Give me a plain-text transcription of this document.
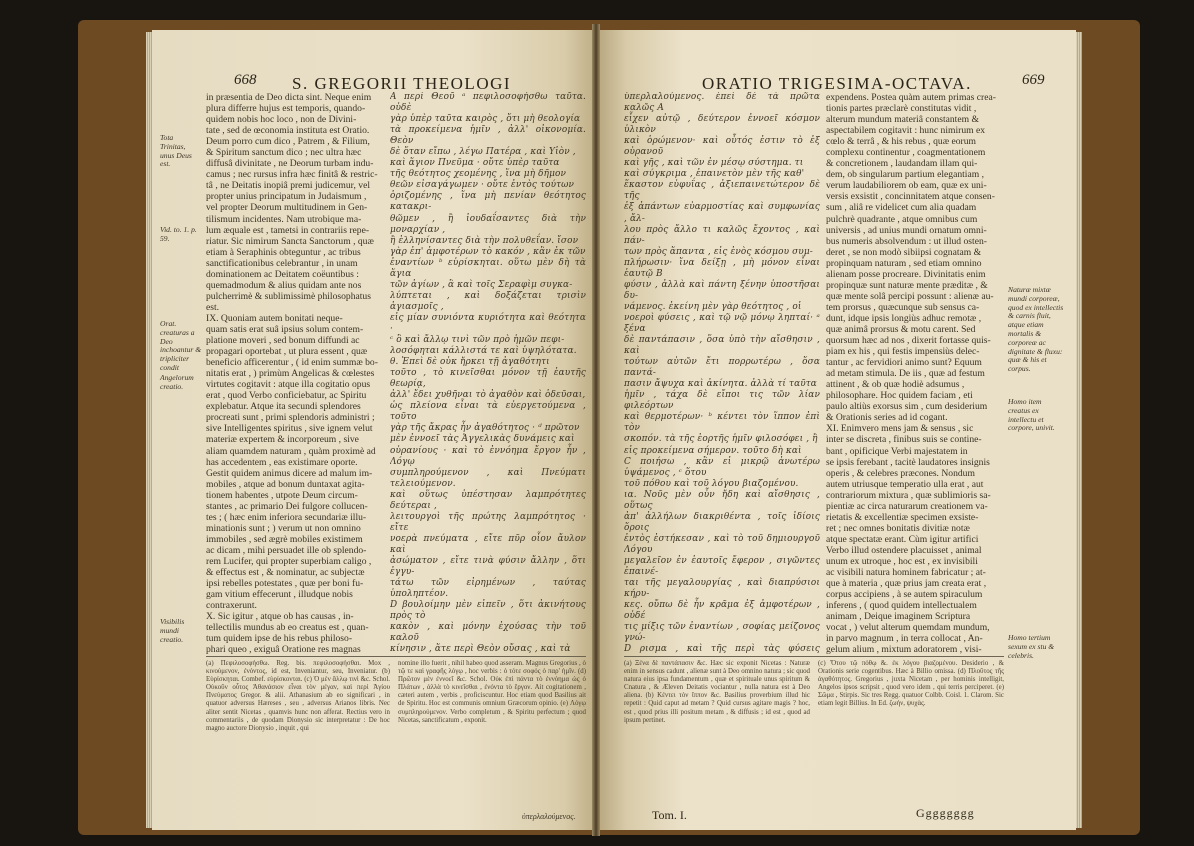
668 S. GREGORII THEOLOGI
Tota Trinitas, unus Deus est.
Vid. to. 1. p. 59.
Orat. creaturas a Deo inchoantur & tripliciter condit
Angelorum creatio.
Visibilis mundi creatio.
in præsentia de Deo dicta sint. Neque enim
plura differre hujus est temporis, quando-
quidem nobis hoc loco , non de Divini-
tate , sed de œconomia instituta est Oratio.
Deum porro cum dico , Patrem , & Filium,
& Spiritum sanctum dico ; nec ultra hæc
diffusâ divinitate , ne Deorum turbam indu-
camus ; nec rursus infra hæc finitâ & restric-
tâ , ne Deitatis inopiâ premi judicemur, vel
propter unius principatum in Judaismum ,
vel propter Deorum multitudinem in Gen-
tilismum incidentes. Nam utrobique ma-
lum æquale est , tametsi in contrariis repe-
riatur. Sic nimirum Sancta Sanctorum , quæ
etiam à Seraphinis obteguntur , ac tribus
sanctificationibus celebrantur , in unam
dominationem ac Deitatem coëuntibus :
quemadmodum & alius quidam ante nos
pulcherrimè & sublimissimè philosophatus
est.
IX. Quoniam autem bonitati neque-
quam satis erat suâ ipsius solum contem-
platione moveri , sed bonum diffundi ac
propagari oportebat , ut plura essent , quæ
beneficio afficerentur , ( id enim summæ bo-
nitatis erat , ) primùm Angelicas & cœlestes
virtutes cogitavit : atque illa cogitatio opus
erat , quod Verbo conficiebatur, ac Spiritu
explebatur. Atque ita secundi splendores
procreati sunt , primi splendoris administri ;
sive Intelligentes spiritus , sive ignem velut
materiæ expertem & incorporeum , sive
aliam quamdem naturam , quàm proximè ad
has accedentem , eas existimare oporte.
Gestit quidem animus dicere ad malum im-
mobiles , atque ad bonum duntaxat agita-
tionem habentes , utpote Deum circum-
stantes , ac primario Dei fulgore collucen-
tes ; ( hæc enim inferiora secundariæ illu-
minationis sunt ; ) verum ut non omnino
immobiles , sed ægrè mobiles existimem
ac dicam , mihi persuadet ille ob splendo-
rem Lucifer, qui propter superbiam caligo ,
& effectus est , & nominatur, ac subjectæ
ipsi rebelles potestates , quæ per boni fu-
gam vitium effecerunt , illudque nobis
contraxerunt.
X. Sic igitur , atque ob has causas , in-
tellectilis mundus ab eo creatus est , quan-
tum quidem ipse de his rebus philoso-
phari queo , exiguâ Oratione res magnas
A περὶ Θεοῦ ᵃ πεφιλοσοφήσθω ταῦτα. οὐδὲ
γὰρ ὑπὲρ ταῦτα καιρὸς , ὅτι μὴ θεολογία
τὰ προκείμενα ἡμῖν , ἀλλ' οἰκονομία. Θεὸν
δὲ ὅταν εἴπω , λέγω Πατέρα , καὶ Υἱὸν ,
καὶ ἅγιον Πνεῦμα · οὔτε ὑπὲρ ταῦτα
τῆς θεότητος χεομένης , ἵνα μὴ δῆμον
θεῶν εἰσαγάγωμεν · οὔτε ἐντὸς τούτων
ὁριζομένης , ἵνα μὴ πενίαν θεότητος κατακρι-
θῶμεν , ἢ ἰουδαΐσαντες διὰ τὴν μοναρχίαν ,
ἢ ἑλληνίσαντες διὰ τὴν πολυθεΐαν. ἴσον
γὰρ ἐπ' ἀμφοτέρων τὸ κακόν , κἂν ἐκ τῶν
ἐναντίων ᵇ εὑρίσκηται. οὕτω μὲν δὴ τὰ ἅγια
τῶν ἁγίων , ἃ καὶ τοῖς Σεραφὶμ συγκα-
λύπτεται , καὶ δοξάζεται τρισὶν ἁγιασμοῖς ,
εἰς μίαν συνιόντα κυριότητα καὶ θεότητα ·
ᶜ ὃ καὶ ἄλλῳ τινὶ τῶν πρὸ ἡμῶν πεφι-
λοσόφηται κάλλιστά τε καὶ ὑψηλότατα.
θ. Ἐπεὶ δὲ οὐκ ἤρκει τῇ ἀγαθότητι
τοῦτο , τὸ κινεῖσθαι μόνον τῇ ἑαυτῆς θεωρίᾳ,
ἀλλ' ἔδει χυθῆναι τὸ ἀγαθὸν καὶ ὁδεῦσαι,
ὡς πλείονα εἶναι τὰ εὐεργετούμενα , τοῦτο
γὰρ τῆς ἄκρας ἦν ἀγαθότητος · ᵈ πρῶτον
μὲν ἐννοεῖ τὰς Ἀγγελικὰς δυνάμεις καὶ
οὐρανίους · καὶ τὸ ἐννόημα ἔργον ἦν , Λόγῳ
συμπληρούμενον , καὶ Πνεύματι τελειούμενον.
καὶ οὕτως ὑπέστησαν λαμπρότητες δεύτεραι ,
λειτουργοὶ τῆς πρώτης λαμπρότητος · εἴτε
νοερὰ πνεύματα , εἴτε πῦρ οἷον ἄυλον καὶ
ἀσώματον , εἴτε τινὰ φύσιν ἄλλην , ὅτι ἐγγυ-
τάτω τῶν εἰρημένων , ταύτας ὑποληπτέον.
D βουλοίμην μὲν εἰπεῖν , ὅτι ἀκινήτους πρὸς τὸ
κακὸν , καὶ μόνην ἐχούσας τὴν τοῦ καλοῦ
κίνησιν , ἅτε περὶ Θεὸν οὔσας , καὶ τὰ
(a) Πεφιλοσοφήσθω. Reg. bis. πεφιλοσοφήσθαι. Mox , κινούμενον, ἐνόντος, id est, Inveniantur, seu, Inveniatur. (b) Εὑρίσκηται. Combef. εὑρίσκονται. (c) Ὁ μὲν ἄλλῳ τινὶ &c. Schol. Οὐκοῦν οὗτος Ἀθανάσιον εἶναι τὸν μέγαν, καὶ περὶ Ἁγίου Πνεύματος Gregor. & alii. Athanasium ab eo significari , in quatuor adversus Hæreses , seu , adversus Arianos libris. Nec aliter sentit Nicetas , quamvis hunc non afferat. Rectius vero in commentariis , de quodam Dionysio sic interpretatur : De hoc magno auctore Dionysio , inquit , qui
nomine illo fuerit , nihil habeo quod asseram. Magnus Gregorius , ὁ τῷ τε καὶ γραφῆς λόγῳ , hoc verbis : ὁ τότε σοφός ὁ παρ' ἡμῖν. (d) Πρῶτον μὲν ἐννοεῖ &c. Schol. Οὐκ ἐπὶ πάντα τὸ ἐννόημα ὡς ὁ Πλάτων , ἀλλὰ τὸ κινεῖσθαι , ἐνόντα τὸ ἔργον. Ait cogitationem , cæteri autem , verbis , proficiscuntur. Hoc etiam quod Basilius ait de Spiritu. Hoc est communis omnium Græcorum opinio. (e) Λόγῳ συμπληρούμενον. Verbo completum , & Spiritu perfectum ; quod Nicetas, sanctificatum , exponit.
ὑπερλαλούμενος.
ORATIO TRIGESIMA-OCTAVA.	669
ὑπερλαλούμενος. ἐπεὶ δὲ τὰ πρῶτα καλῶς A
εἶχεν αὐτῷ , δεύτερον ἐννοεῖ κόσμον ὑλικὸν
καὶ ὁρώμενον· καὶ οὗτός ἐστιν τὸ ἐξ οὐρανοῦ
καὶ γῆς , καὶ τῶν ἐν μέσῳ σύστημα. τι
καὶ σύγκριμα , ἐπαινετὸν μὲν τῆς καθ'
ἕκαστον εὐφυΐας , ἀξιεπαινετώτερον δὲ τῆς
ἐξ ἁπάντων εὐαρμοστίας καὶ συμφωνίας , ἄλ-
λου πρὸς ἄλλο τι καλῶς ἔχοντος , καὶ πάν-
των πρὸς ἅπαντα , εἰς ἑνὸς κόσμου συμ-
πλήρωσιν· ἵνα δείξῃ , μὴ μόνον εἶναι ἑαυτῷ B
φύσιν , ἀλλὰ καὶ πάντη ξένην ὑποστῆσαι δυ-
νάμενος. ἐκείνη μὲν γὰρ θεότητος , οἱ
νοεροὶ φύσεις , καὶ τῷ νῷ μόνῳ ληπταί· ᵃ ξένα
δὲ παντάπασιν , ὅσα ὑπὸ τὴν αἴσθησιν , καὶ
τούτων αὐτῶν ἔτι πορρωτέρω , ὅσα παντά-
πασιν ἄψυχα καὶ ἀκίνητα. ἀλλὰ τί ταῦτα
ἡμῖν , τάχα δὲ εἴποι τις τῶν λίαν φιλεόρτων
καὶ θερμοτέρων· ᵇ κέντει τὸν ἵππον ἐπὶ τὸν
σκοπόν. τὰ τῆς ἑορτῆς ἡμῖν φιλοσόφει , ἢ
εἰς προκείμενα σήμερον. τοῦτο δὴ καὶ
C ποιήσω , κἂν εἰ μικρῷ ἀνωτέρω ὑψάμενος , ᶜ ὅτου
τοῦ πόθου καὶ τοῦ λόγου βιαζομένου.
ια. Νοῦς μὲν οὖν ἤδη καὶ αἴσθησις , οὕτως
ἀπ' ἀλλήλων διακριθέντα , τοῖς ἰδίοις ὅροις
ἐντὸς ἑστήκεσαν , καὶ τὸ τοῦ δημιουργοῦ Λόγου
μεγαλεῖον ἐν ἑαυτοῖς ἔφερον , σιγῶντες ἐπαινέ-
ται τῆς μεγαλουργίας , καὶ διαπρύσιοι κήρυ-
κες. οὔπω δὲ ἦν κρᾶμα ἐξ ἀμφοτέρων , οὐδέ
τις μίξις τῶν ἐναντίων , σοφίας μείζονος γνώ-
D ρισμα , καὶ τῆς περὶ τὰς φύσεις
expendens. Postea quàm autem primas crea-
tionis partes præclarè constitutas vidit ,
alterum mundum materiâ constantem &
aspectabilem cogitavit : hunc nimirum ex
cœlo & terrâ , & his rebus , quæ eorum
complexu continentur , coagmentationem
& concretionem , laudandam illam qui-
dem, ob singularum partium elegantiam ,
verum laudabiliorem ob eam, quæ ex uni-
versis exsistit , concinnitatem atque consen-
sum , aliâ re videlicet cum alia quadam
pulchrè quadrante , atque omnibus cum
universis , ad unius mundi ornatum omni-
bus numeris absolvendum : ut illud osten-
deret , se non modò sibiipsi cognatam &
propinquam naturam , sed etiam omnino
alienam posse procreare. Divinitatis enim
propinquæ sunt naturæ mente præditæ , &
quæ mente solâ percipi possunt : alienæ au-
tem prorsus , quæcunque sub sensus ca-
dunt, idque ipsis longiùs adhuc remotæ ,
quæ animâ prorsus & motu carent. Sed
quorsum hæc ad nos , dixerit fortasse quis-
piam ex his , qui festis impensiùs delec-
tantur , ac fervidiori animo sunt? Equum
ad metam stimula. De iis , quæ ad festum
attinent , & ob quæ hodiè adsumus ,
philosophare. Hoc quidem faciam , eti
paulo altiùs exorsus sim , cum desiderium
& Orationis series ad id cogant.
XI. Enimvero mens jam & sensus , sic
inter se discreta , finibus suis se contine-
bant , opificique Verbi majestatem in
se ipsis ferebant , tacitè laudatores insignis
operis , & celebres præcones. Nondum
autem utriusque temperatio ulla erat , aut
contrariorum mixtura , quæ sublimioris sa-
pientiæ ac circa naturarum creationem va-
rietatis & excellentiæ specimen exsiste-
ret ; nec omnes bonitatis divitiæ notæ
atque spectatæ erant. Cùm igitur artifici
Verbo illud ostendere placuisset , animal
unum ex utroque , hoc est , ex invisibili
ac visibili natura hominem fabricatur ; at-
que à materia , quæ prius jam creata erat ,
corpus accipiens , à se autem spiraculum
inferens , ( quod quidem intellectualem
animam , Deique imaginem Scriptura
vocat , ) velut alterum quemdam mundum,
in parvo magnum , in terra collocat , An-
gelum alium , mixtum adoratorem , visi-
Naturæ mixtæ mundi corporeæ, quod ex intellectis & carnis fluit, atque etiam mortalis & corporeæ ac dignitate & fluxu: quæ & his et corpus.
Homo item creatus ex intellectu et corpore, univit.
Homo tertium sexum ex stu & celebris.
(a) Ξένα δὲ παντάπασιν &c. Hæc sic exponit Nicetas : Naturæ enim in sensus cadunt , alienæ sunt à Deo omnino natura ; sic quod natura eius ipsa fundamentum , quæ et spirituale unus spiritum & Cnatura , & Æleven Deitatis vociantur , nulla natura est à Deo aliena. (b) Κέντει τὸν ἵππον &c. Basilius proverbium illud hic repetit : Quid caput ad metam ? Quid cursus agitare magis ? hoc, est , quod prius illi positum metam , & diffusis ; id est , quod ad ipsum pertinet.
(c) Ὅτου τῷ πόθῳ &. ἐκ λόγου βιαζομένου. Desiderio , & Orationis serie cogentibus. Hæc à Billio omissa. (d) Πλοῦτος τῆς ἀγαθότητος. Gregorius , juxta Nicetam , per hominis intelligit, Angelos ipsos scripsit , quod vero idem , qui terris perciperet. (e) Σῶμα , Stirpis. Sic tres Regg. quatuor Colbb. Coisl. 1. Clarom. Sic etiam legit Billius. In Ed. ζωήν, ψυχὰς.
Tom. I.	Gggggggg
